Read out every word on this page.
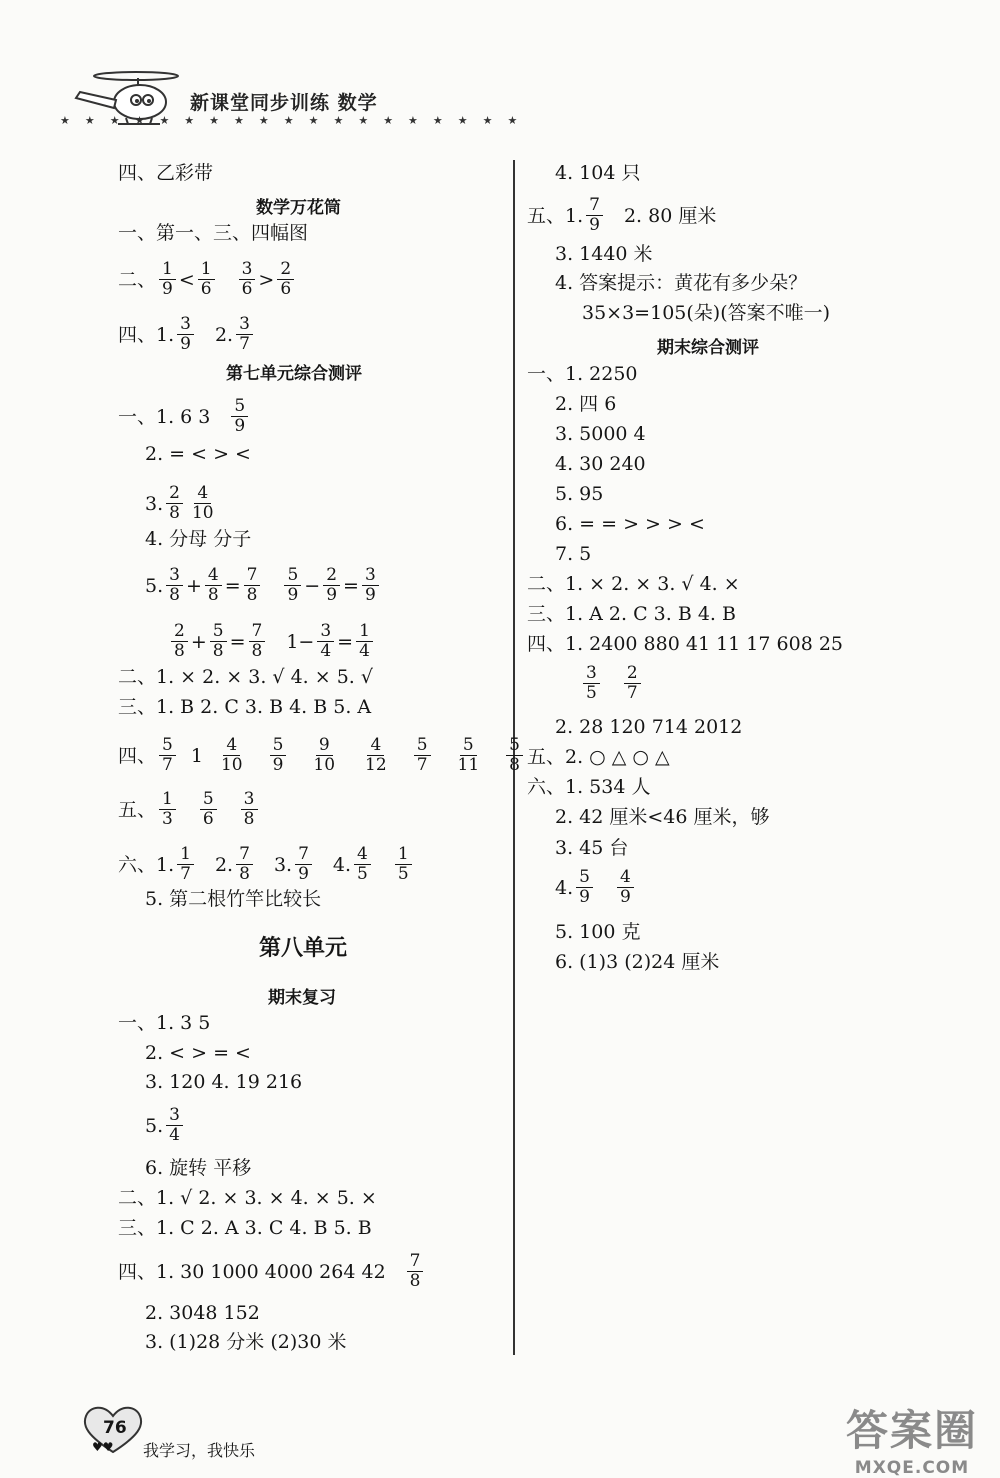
新课堂同步训练 数学
★★★★★★★★★★★★★★★★★★★
四、乙彩带
数学万花筒
一、第一、三、四幅图
二、 1
9 < 1
6
3
6 > 2
6
四、1. 3
9 2. 3
7
第七单元综合测评
一、1. 6 3 5
9
2. = < > <
3. 2
8
4
10
4. 分母 分子
5. 3
$8 + \frac{4}{8} = \frac{7}{8} 5$
$9 - \frac{2}{9} = \frac{3}{9}$
2
$8 + \frac{5}{8} = \frac{7}{8} 1- \frac{3}{4} = \frac{1}{4}$
二、1. × 2. × 3. √ 4. × 5. √
三、1. B 2. C 3. B 4. B 5. A
四、 5
7 1 4
10
5
9
9
10
4
12
5
7
5
11
5
8
五、 1
3
5
6
3
8
六、1. 1
7 2. 7
8 3. 7
9 4. 4
5
1
5
5. 第二根竹竿比较长
第八单元
期末复习
一、1. 3 5
2. < > = <
3. 120 4. 19 216
5. 3
4
6. 旋转 平移
二、1. √ 2. × 3. × 4. × 5. ×
三、1. C 2. A 3. C 4. B 5. B
四、1. 30 1000 4000 264 42 7
8
2. 3048 152
3. (1)28 分米 (2)30 米
4. 104 只
五、1. 7
9 2. 80 厘米
3. 1440 米
4. 答案提示：黄花有多少朵？
35×3=105(朵)(答案不唯一)
期末综合测评
一、1. 2250
2. 四 6
3. 5000 4
4. 30 240
5. 95
6. = = > > > <
7. 5
二、1. × 2. × 3. √ 4. ×
三、1. A 2. C 3. B 4. B
四、1. 2400 880 41 11 17 608 25
3
5
2
7
2. 28 120 714 2012
五、2. ○ △ ○ △
六、1. 534 人
2. 42 厘米<46 厘米，够
3. 45 台
4. 5
9
4
9
5. 100 克
6. (1)3 (2)24 厘米
76
♥♥ 我学习，我快乐	答案圈
MXQE.COM
